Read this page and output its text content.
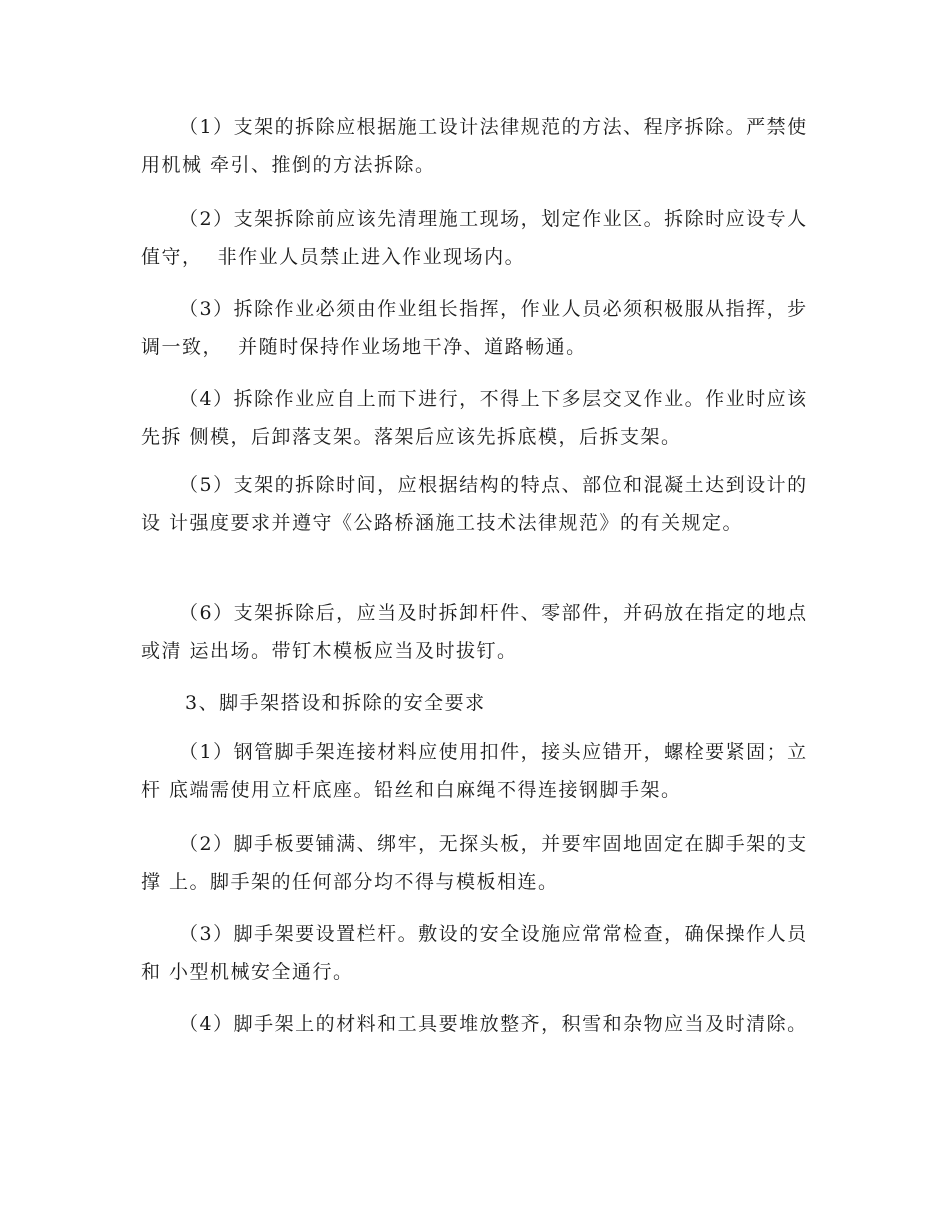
（1）支架的拆除应根据施工设计法律规范的方法、程序拆除。严禁使用机械 牵引、推倒的方法拆除。

（2）支架拆除前应该先清理施工现场，划定作业区。拆除时应设专人值守，  非作业人员禁止进入作业现场内。

（3）拆除作业必须由作业组长指挥，作业人员必须积极服从指挥，步调一致，  并随时保持作业场地干净、道路畅通。

（4）拆除作业应自上而下进行，不得上下多层交叉作业。作业时应该先拆 侧模，后卸落支架。落架后应该先拆底模，后拆支架。

（5）支架的拆除时间，应根据结构的特点、部位和混凝土达到设计的设 计强度要求并遵守《公路桥涵施工技术法律规范》的有关规定。

（6）支架拆除后，应当及时拆卸杆件、零部件，并码放在指定的地点或清 运出场。带钉木模板应当及时拔钉。

3、脚手架搭设和拆除的安全要求

（1）钢管脚手架连接材料应使用扣件，接头应错开，螺栓要紧固；立杆 底端需使用立杆底座。铅丝和白麻绳不得连接钢脚手架。

（2）脚手板要铺满、绑牢，无探头板，并要牢固地固定在脚手架的支撑 上。脚手架的任何部分均不得与模板相连。

（3）脚手架要设置栏杆。敷设的安全设施应常常检查，确保操作人员和 小型机械安全通行。

（4）脚手架上的材料和工具要堆放整齐，积雪和杂物应当及时清除。
